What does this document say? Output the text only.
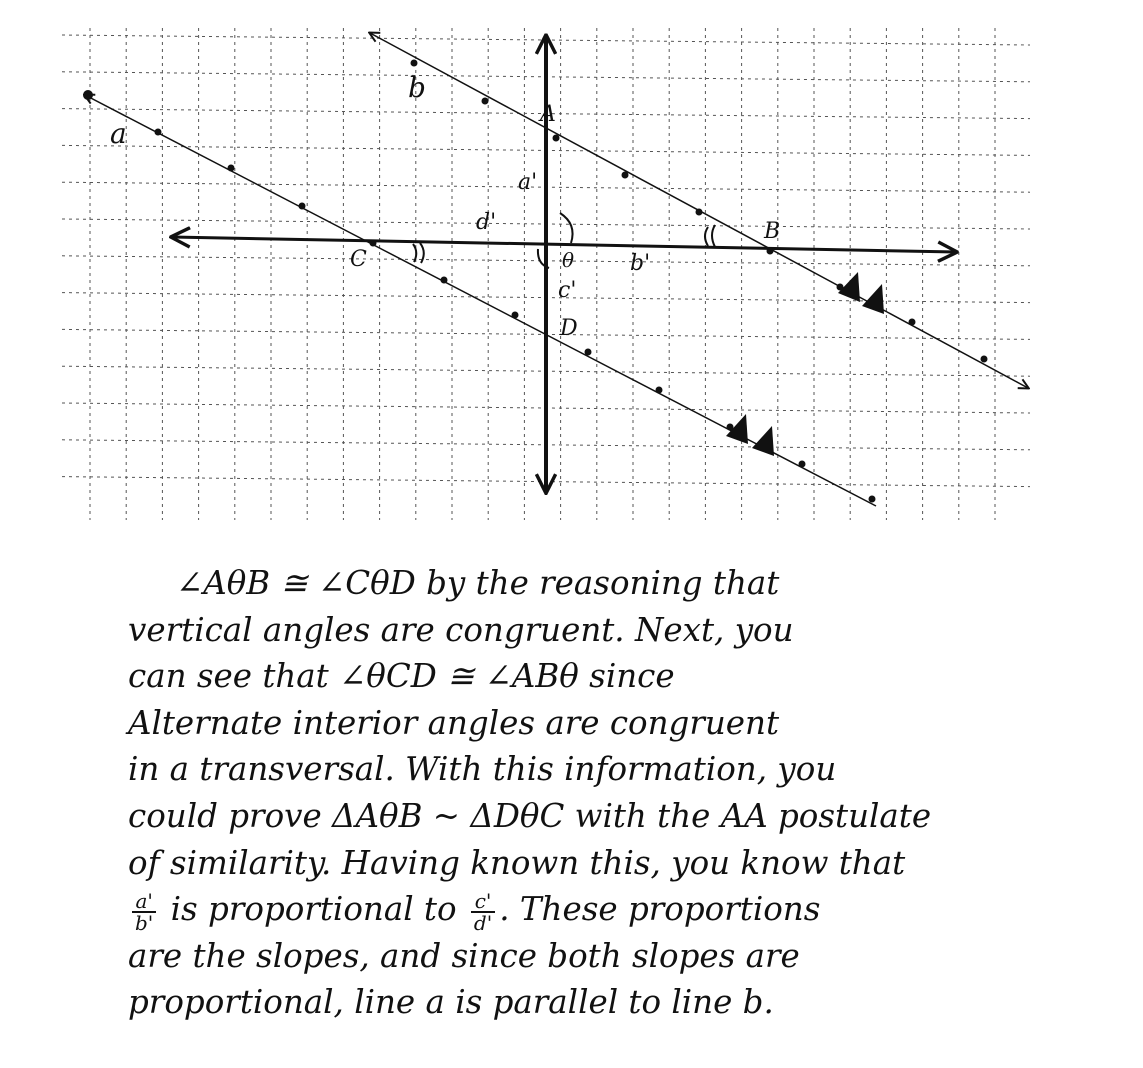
a
b
A
B
C
D
θ
a'
b'
c'
d'
∠AθB ≅ ∠CθD by the reasoning that
vertical angles are congruent. Next, you
can see that ∠θCD ≅ ∠ABθ since
Alternate interior angles are congruent
in a transversal. With this information, you
could prove ΔAθB ~ ΔDθC with the AA postulate
of similarity. Having known this, you know that
$\frac{a'}{b'}$ is proportional to $\frac{c'}{d'}$ . These proportions
are the slopes, and since both slopes are
proportional, line a is parallel to line b.
